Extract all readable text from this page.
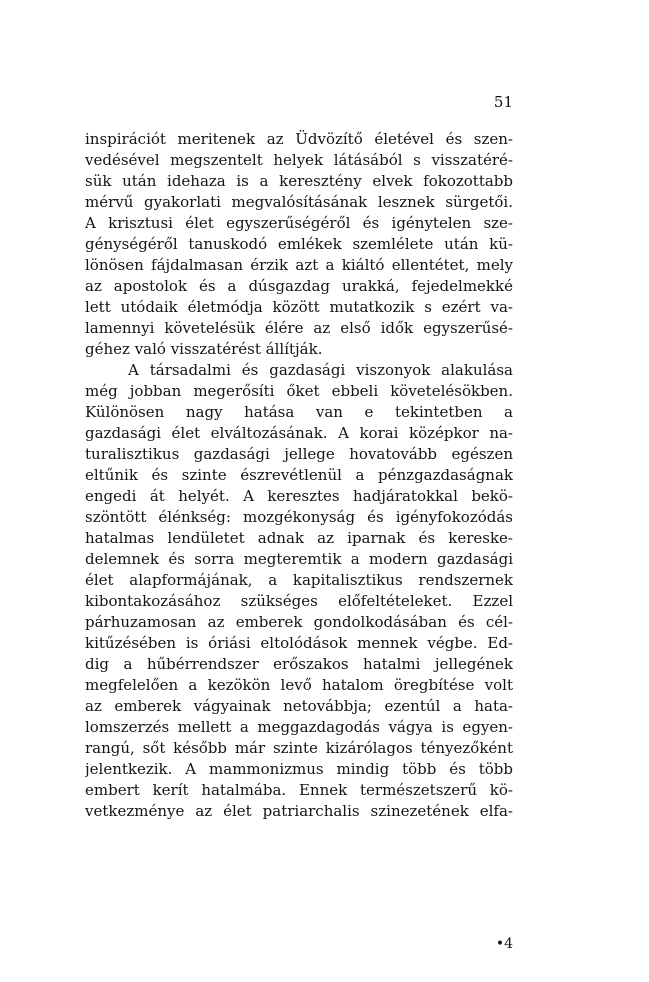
51
inspirációt meritenek az Üdvözítő életével és szen-
vedésével megszentelt helyek látásából s visszatéré-
sük után idehaza is a keresztény elvek fokozottabb
mérvű gyakorlati megvalósításának lesznek sürgetői.
A krisztusi élet egyszerűségéről és igénytelen sze-
génységéről tanuskodó emlékek szemlélete után kü-
lönösen fájdalmasan érzik azt a kiáltó ellentétet, mely
az apostolok és a dúsgazdag urakká, fejedelmekké
lett utódaik életmódja között mutatkozik s ezért va-
lamennyi követelésük élére az első idők egyszerűsé-
géhez való visszatérést állítják.
A társadalmi és gazdasági viszonyok alakulása
még jobban megerősíti őket ebbeli követelésökben.
Különösen nagy hatása van e tekintetben a
gazdasági élet elváltozásának. A korai középkor na-
turalisztikus gazdasági jellege hovatovább egészen
eltűnik és szinte észrevétlenül a pénzgazdaságnak
engedi át helyét. A keresztes hadjáratokkal bekö-
szöntött élénkség: mozgékonyság és igényfokozódás
hatalmas lendületet adnak az iparnak és kereske-
delemnek és sorra megteremtik a modern gazdasági
élet alapformájának, a kapitalisztikus rendszernek
kibontakozásához szükséges előfeltételeket. Ezzel
párhuzamosan az emberek gondolkodásában és cél-
kitűzésében is óriási eltolódások mennek végbe. Ed-
dig a hűbérrendszer erőszakos hatalmi jellegének
megfelelően a kezökön levő hatalom öregbítése volt
az emberek vágyainak netovábbja; ezentúl a hata-
lomszerzés mellett a meggazdagodás vágya is egyen-
rangú, sőt később már szinte kizárólagos tényezőként
jelentkezik. A mammonizmus mindig több és több
embert kerít hatalmába. Ennek természetszerű kö-
vetkezménye az élet patriarchalis szinezetének elfa-
•4
